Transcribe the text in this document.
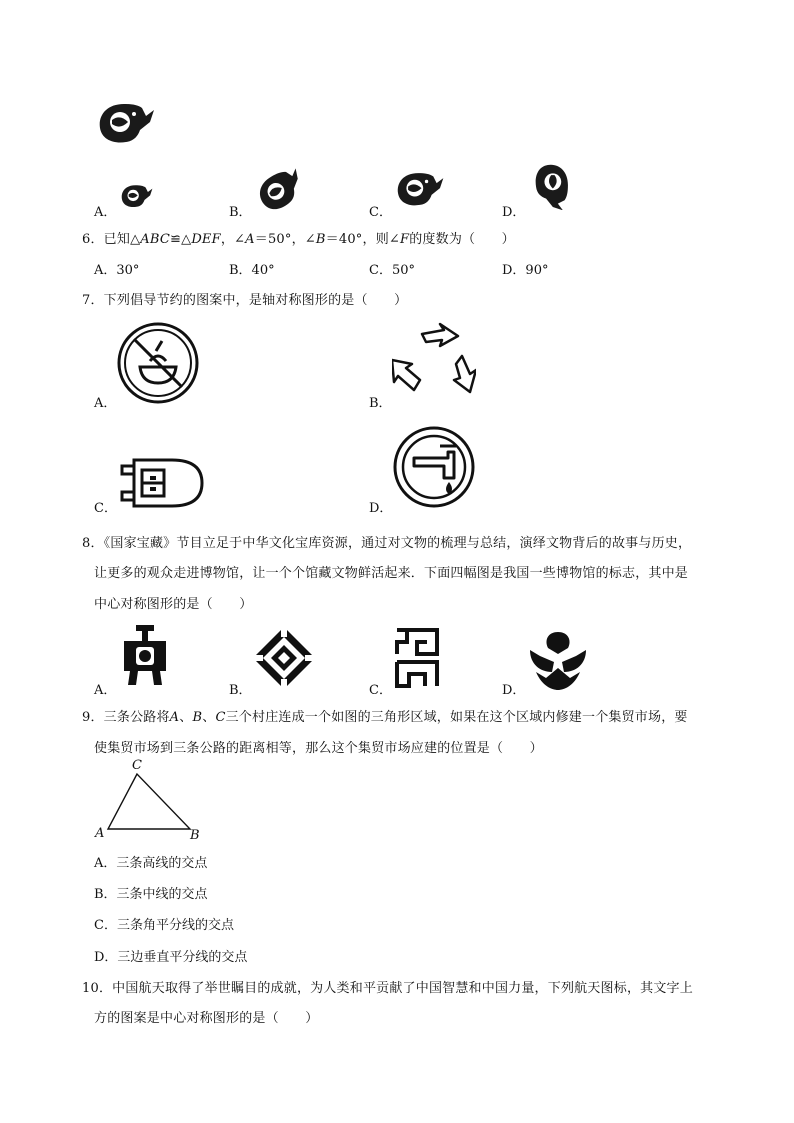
A．	B．	C．	D．
6．已知△ABC≌△DEF，∠A＝50°，∠B＝40°，则∠F的度数为（　　）
A．30°	B．40°	C．50°	D．90°
7．下列倡导节约的图案中，是轴对称图形的是（　　）
A．	B．
C．	D．
8．《国家宝藏》节目立足于中华文化宝库资源，通过对文物的梳理与总结，演绎文物背后的故事与历史，
让更多的观众走进博物馆，让一个个馆藏文物鲜活起来．下面四幅图是我国一些博物馆的标志，其中是
中心对称图形的是（　　）
A．	B．	C．	D．
9．三条公路将A、B、C三个村庄连成一个如图的三角形区域，如果在这个区域内修建一个集贸市场，要
使集贸市场到三条公路的距离相等，那么这个集贸市场应建的位置是（　　）
C
A	B
A．三条高线的交点
B．三条中线的交点
C．三条角平分线的交点
D．三边垂直平分线的交点
10．中国航天取得了举世瞩目的成就，为人类和平贡献了中国智慧和中国力量，下列航天图标，其文字上
方的图案是中心对称图形的是（　　）
